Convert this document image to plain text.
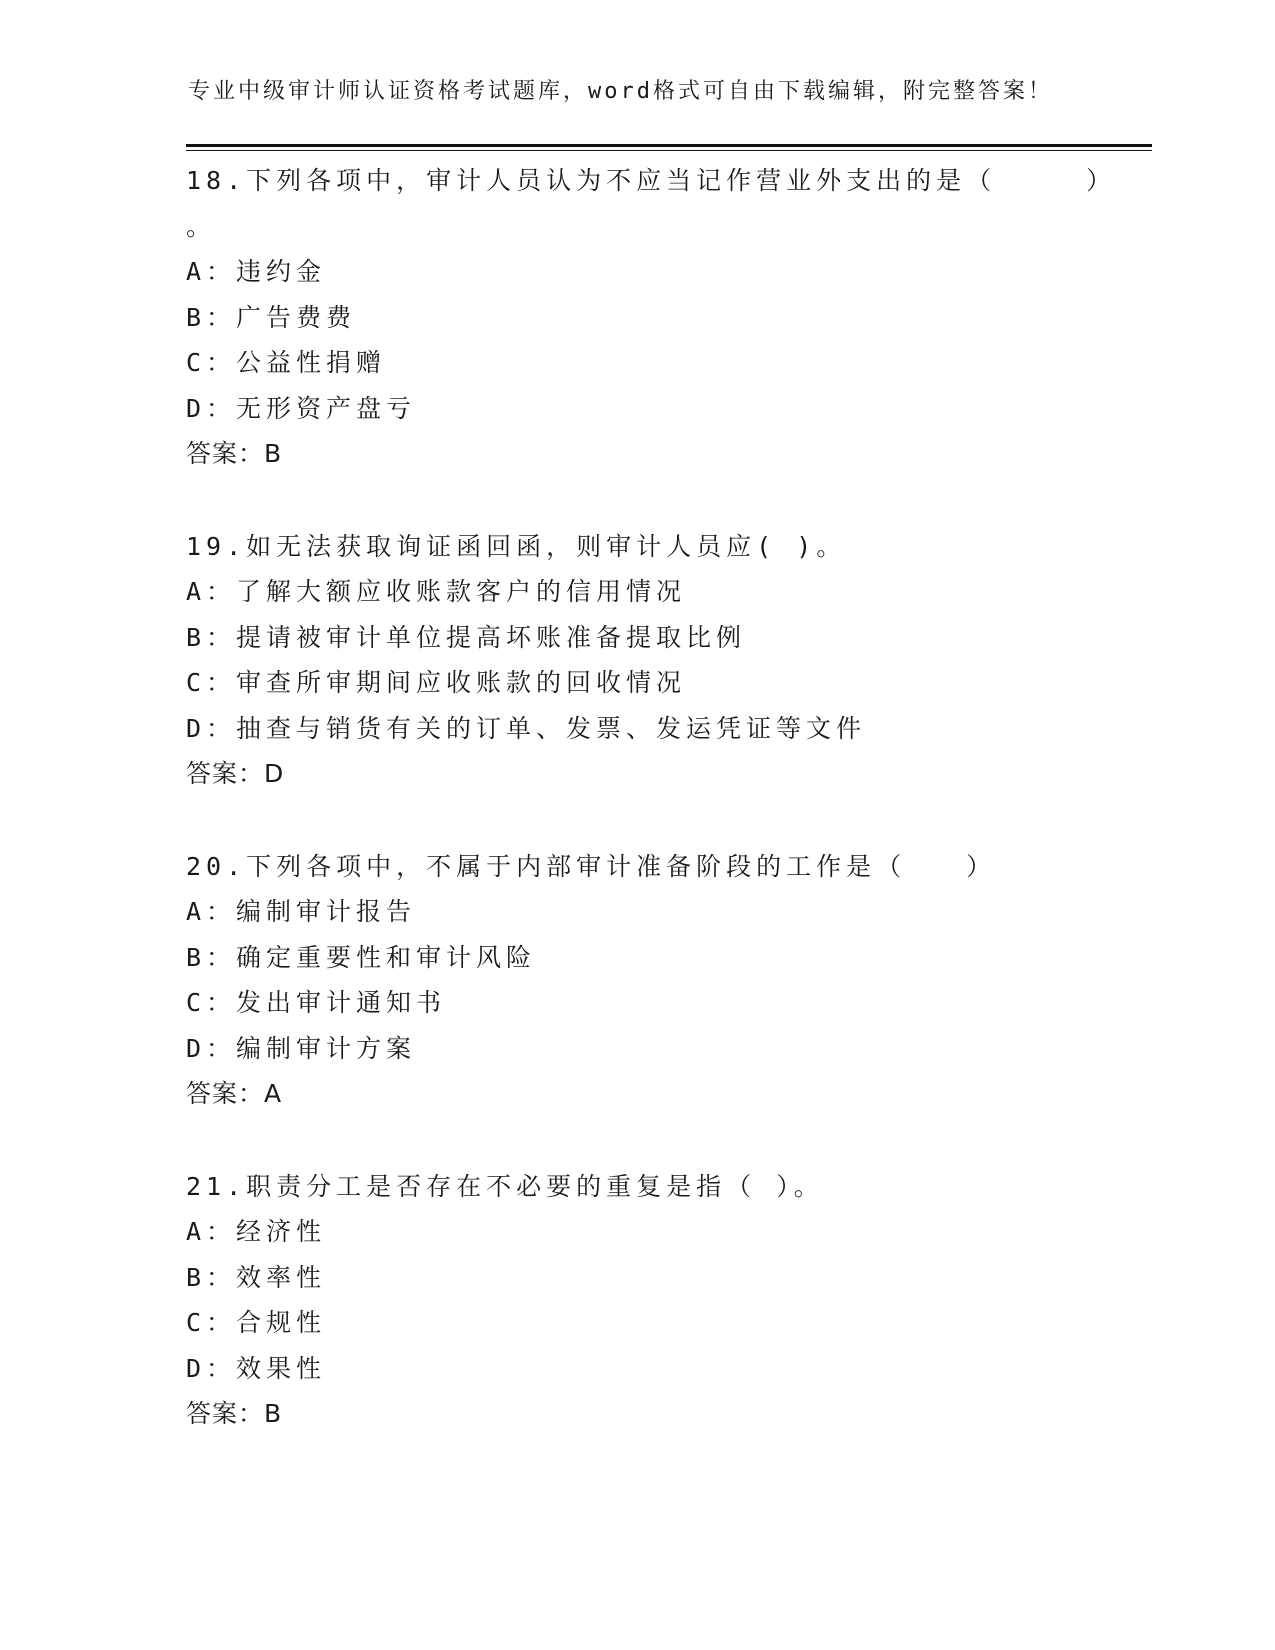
专业中级审计师认证资格考试题库，word格式可自由下载编辑，附完整答案！
18.下列各项中，审计人员认为不应当记作营业外支出的是（　　　）
。
A：违约金
B：广告费费
C：公益性捐赠
D：无形资产盘亏
答案：B
19.如无法获取询证函回函，则审计人员应( )。
A：了解大额应收账款客户的信用情况
B：提请被审计单位提高坏账准备提取比例
C：审查所审期间应收账款的回收情况
D：抽查与销货有关的订单、发票、发运凭证等文件
答案：D
20.下列各项中，不属于内部审计准备阶段的工作是（　　）
A：编制审计报告
B：确定重要性和审计风险
C：发出审计通知书
D：编制审计方案
答案：A
21.职责分工是否存在不必要的重复是指（ ）。
A：经济性
B：效率性
C：合规性
D：效果性
答案：B
